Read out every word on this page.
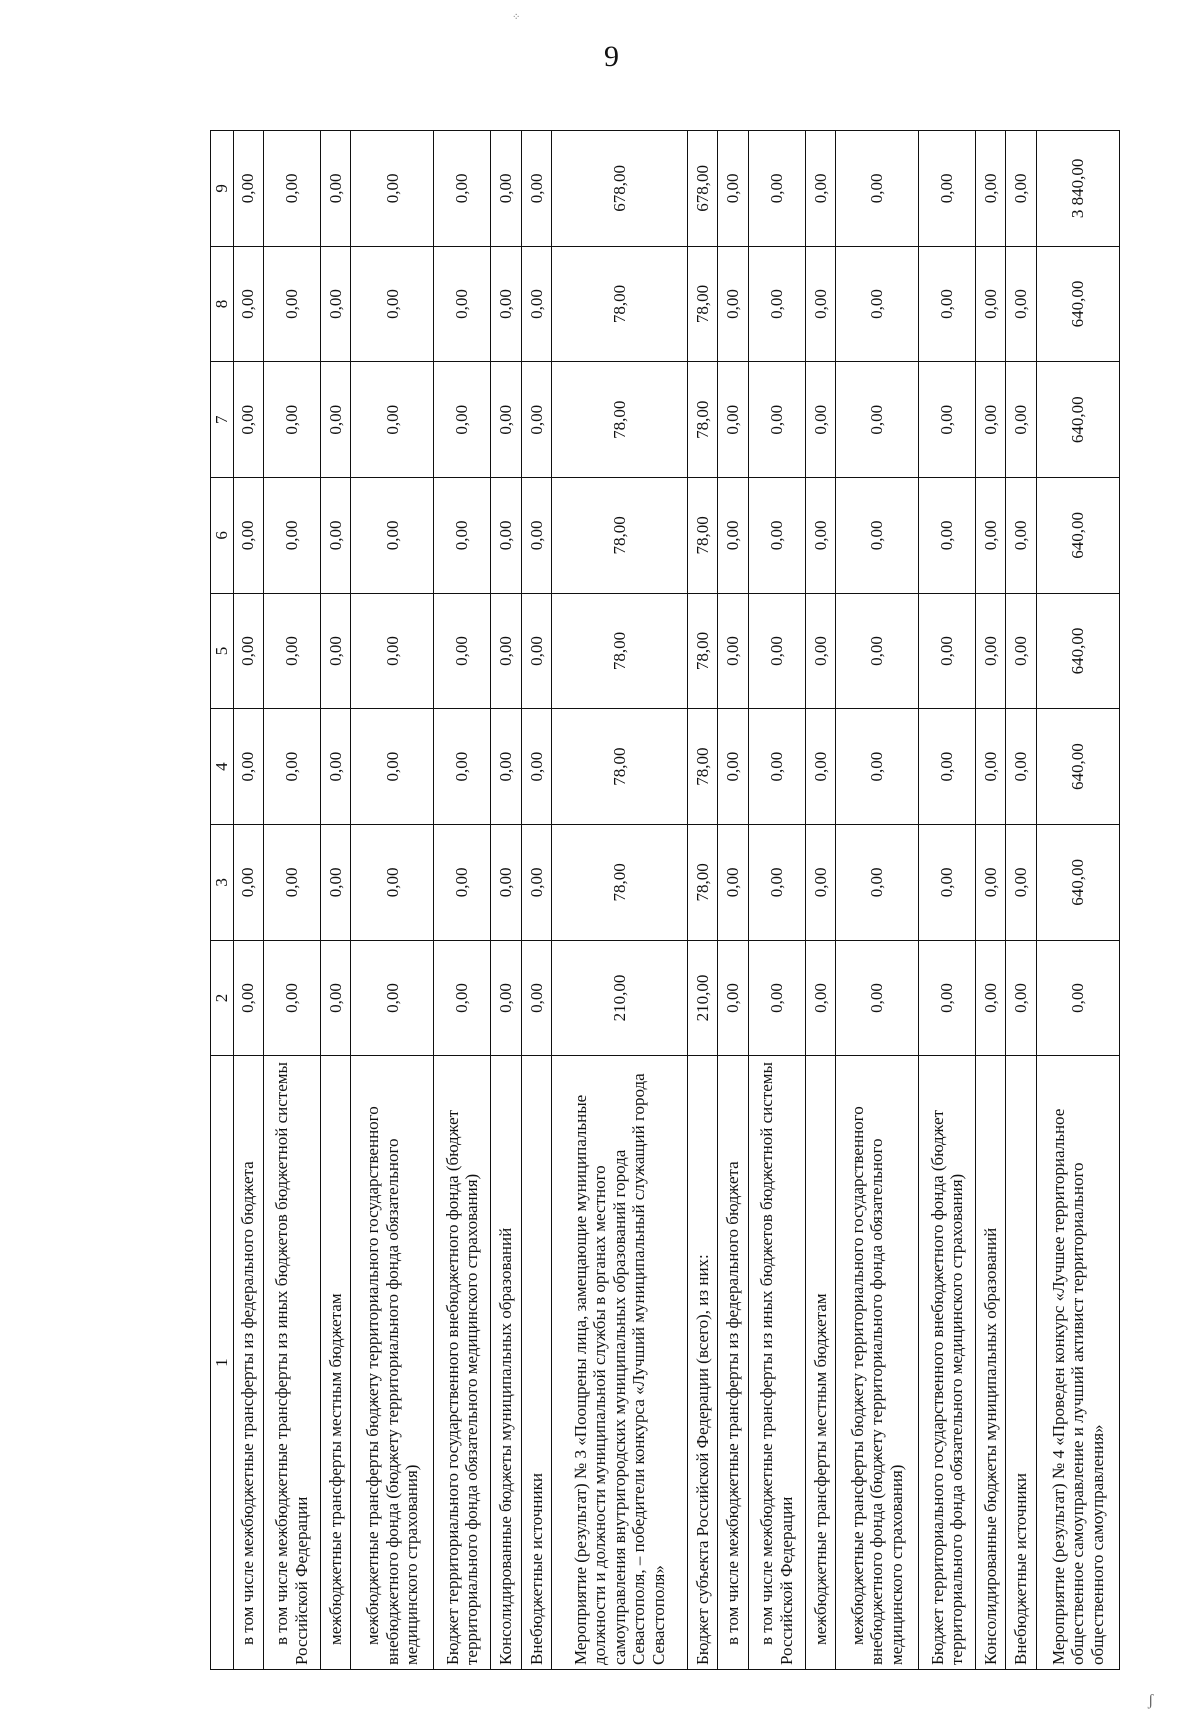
9
⁘
ʃ
1	2	3	4	5	6	7	8	9
в том числе межбюджетные трансферты из федерального бюджета	0,00	0,00	0,00	0,00	0,00	0,00	0,00	0,00
в том числе межбюджетные трансферты из иных бюджетов бюджетной системы Российской Федерации	0,00	0,00	0,00	0,00	0,00	0,00	0,00	0,00
межбюджетные трансферты местным бюджетам	0,00	0,00	0,00	0,00	0,00	0,00	0,00	0,00
межбюджетные трансферты бюджету территориального государственного внебюджетного фонда (бюджету территориального фонда обязательного медицинского страхования)	0,00	0,00	0,00	0,00	0,00	0,00	0,00	0,00
Бюджет территориального государственного внебюджетного фонда (бюджет территориального фонда обязательного медицинского страхования)	0,00	0,00	0,00	0,00	0,00	0,00	0,00	0,00
Консолидированные бюджеты муниципальных образований	0,00	0,00	0,00	0,00	0,00	0,00	0,00	0,00
Внебюджетные источники	0,00	0,00	0,00	0,00	0,00	0,00	0,00	0,00
Мероприятие (результат) № 3 «Поощрены лица, замещающие муниципальные должности и должности муниципальной службы в органах местного самоуправления внутригородских муниципальных образований города Севастополя, – победители конкурса «Лучший муниципальный служащий города Севастополя»	210,00	78,00	78,00	78,00	78,00	78,00	78,00	678,00
Бюджет субъекта Российской Федерации (всего), из них:	210,00	78,00	78,00	78,00	78,00	78,00	78,00	678,00
в том числе межбюджетные трансферты из федерального бюджета	0,00	0,00	0,00	0,00	0,00	0,00	0,00	0,00
в том числе межбюджетные трансферты из иных бюджетов бюджетной системы Российской Федерации	0,00	0,00	0,00	0,00	0,00	0,00	0,00	0,00
межбюджетные трансферты местным бюджетам	0,00	0,00	0,00	0,00	0,00	0,00	0,00	0,00
межбюджетные трансферты бюджету территориального государственного внебюджетного фонда (бюджету территориального фонда обязательного медицинского страхования)	0,00	0,00	0,00	0,00	0,00	0,00	0,00	0,00
Бюджет территориального государственного внебюджетного фонда (бюджет территориального фонда обязательного медицинского страхования)	0,00	0,00	0,00	0,00	0,00	0,00	0,00	0,00
Консолидированные бюджеты муниципальных образований	0,00	0,00	0,00	0,00	0,00	0,00	0,00	0,00
Внебюджетные источники	0,00	0,00	0,00	0,00	0,00	0,00	0,00	0,00
Мероприятие (результат) № 4 «Проведен конкурс «Лучшее территориальное общественное самоуправление и лучший активист территориального общественного самоуправления»	0,00	640,00	640,00	640,00	640,00	640,00	640,00	3 840,00
